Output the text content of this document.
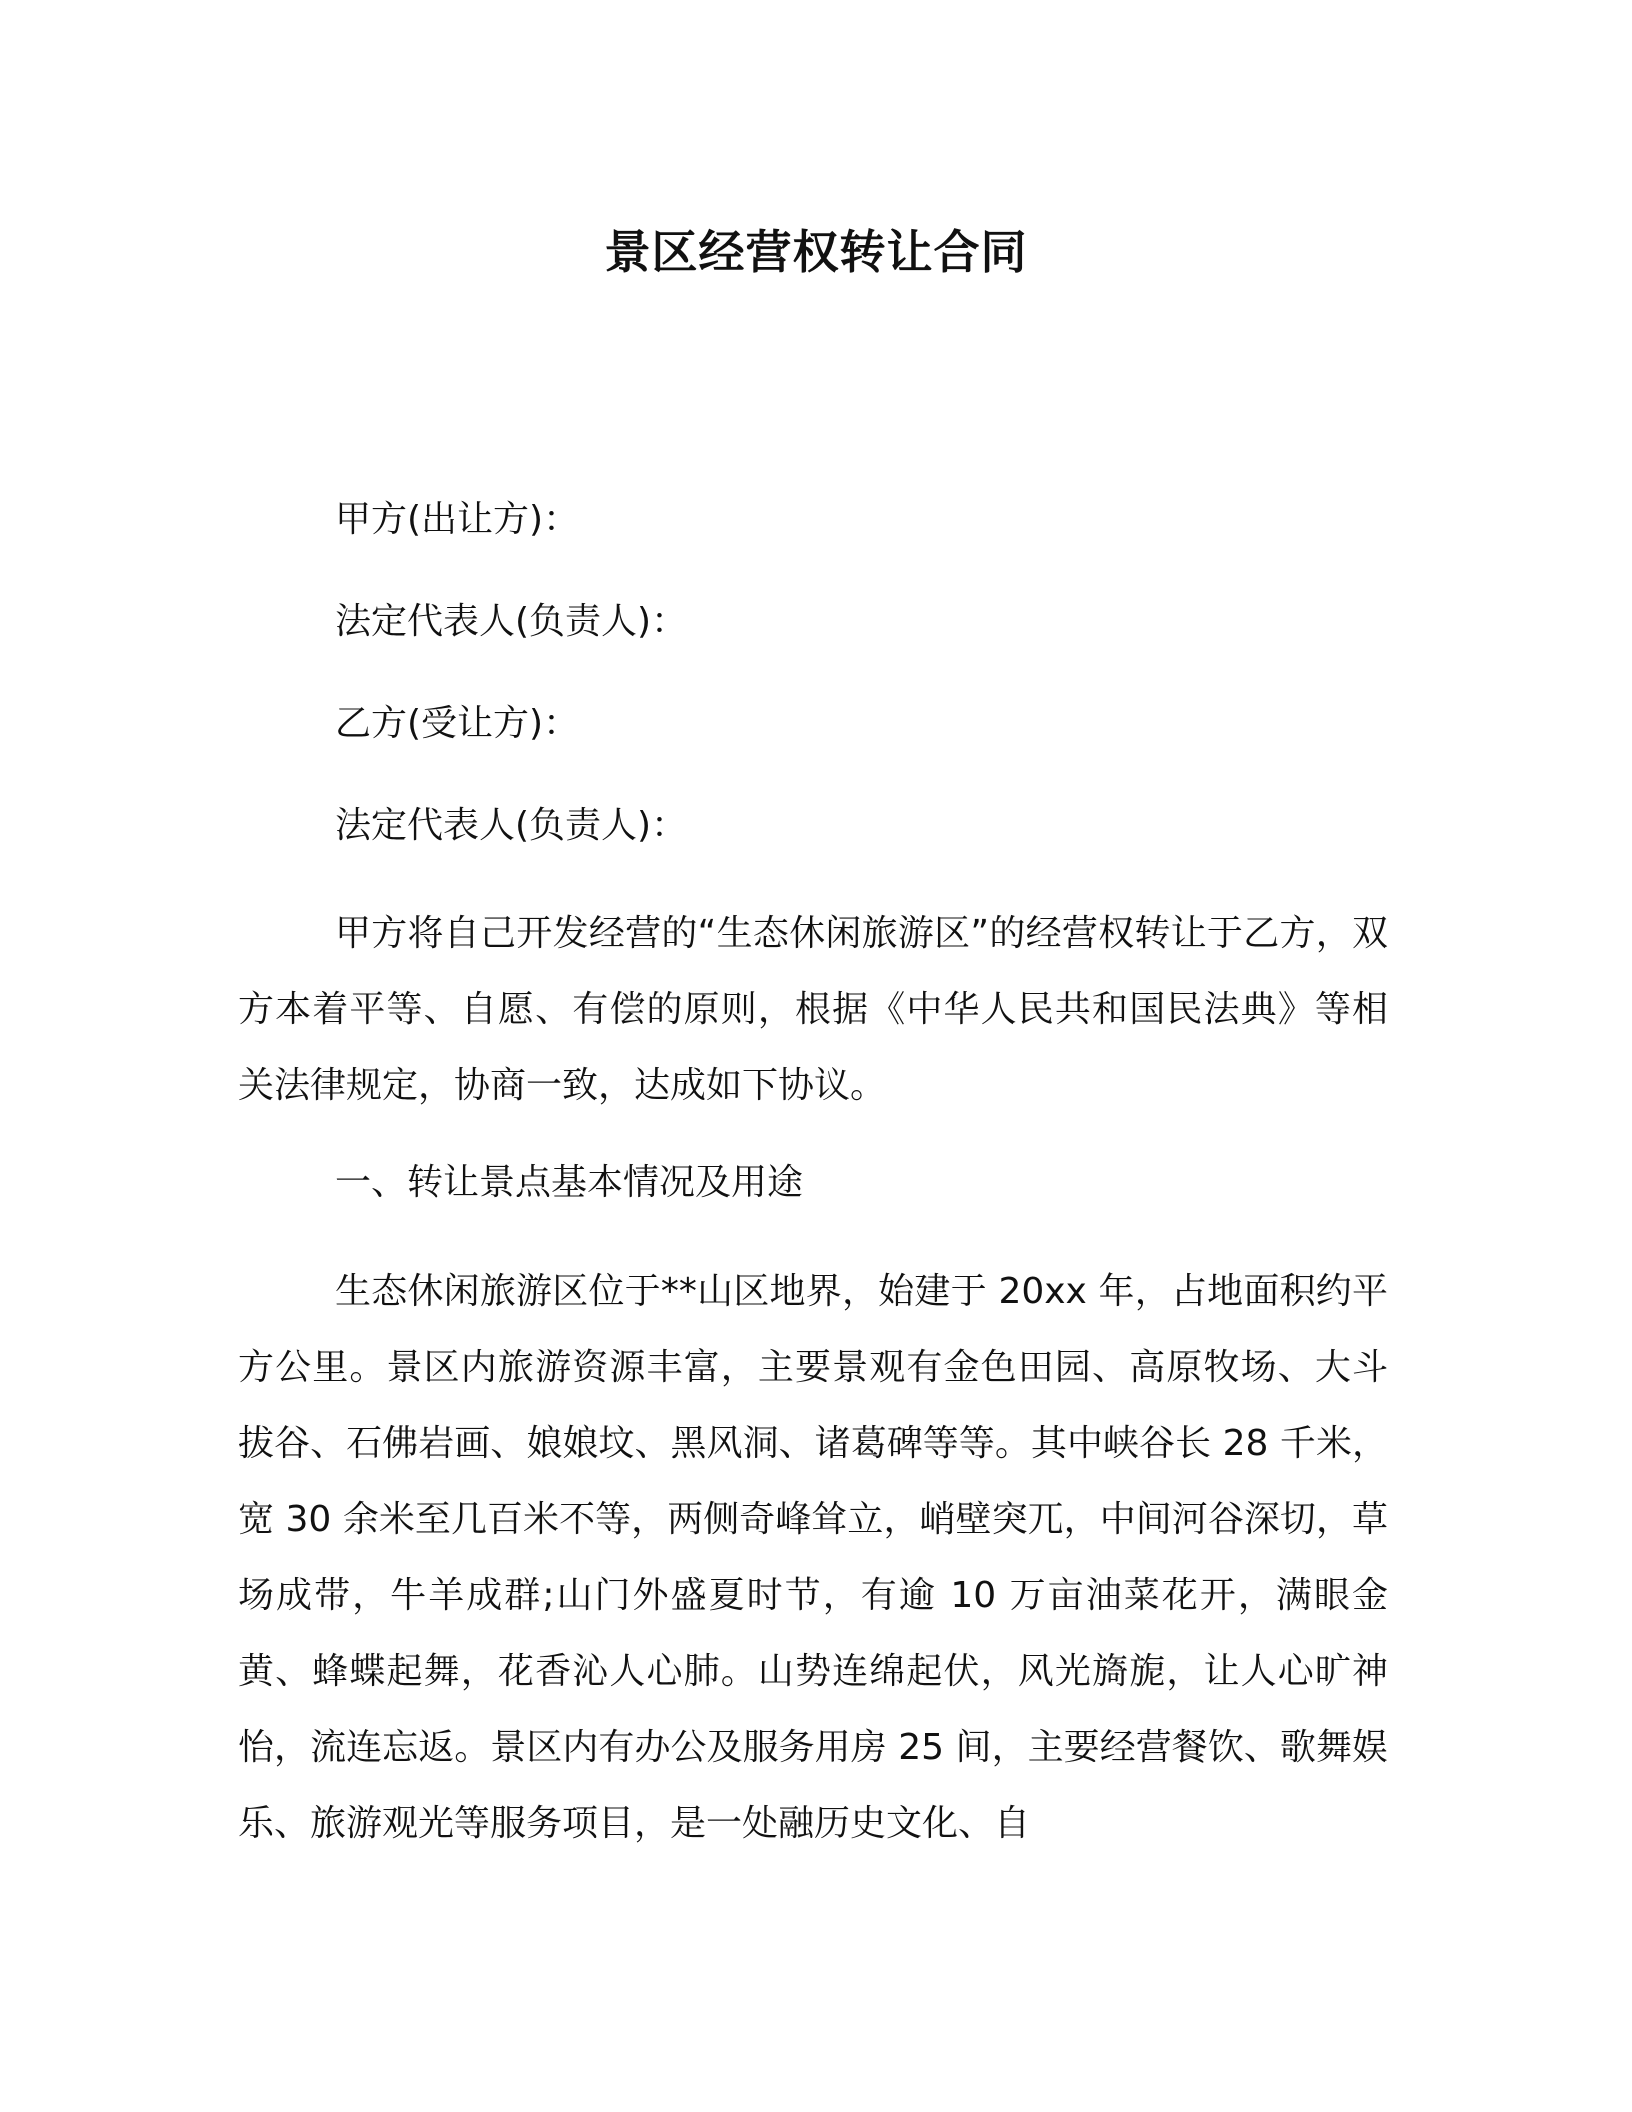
景区经营权转让合同
甲方(出让方)：
法定代表人(负责人)：
乙方(受让方)：
法定代表人(负责人)：

甲方将自己开发经营的“生态休闲旅游区”的经营权转让于乙方，双方本着平等、自愿、有偿的原则，根据《中华人民共和国民法典》等相关法律规定，协商一致，达成如下协议。

一、转让景点基本情况及用途

生态休闲旅游区位于**山区地界，始建于 20xx 年，占地面积约平方公里。景区内旅游资源丰富，主要景观有金色田园、高原牧场、大斗拔谷、石佛岩画、娘娘坟、黑风洞、诸葛碑等等。其中峡谷长 28 千米，宽 30 余米至几百米不等，两侧奇峰耸立，峭壁突兀，中间河谷深切，草场成带，牛羊成群;山门外盛夏时节，有逾 10 万亩油菜花开，满眼金黄、蜂蝶起舞，花香沁人心肺。山势连绵起伏，风光旖旎，让人心旷神怡，流连忘返。景区内有办公及服务用房 25 间，主要经营餐饮、歌舞娱乐、旅游观光等服务项目，是一处融历史文化、自
